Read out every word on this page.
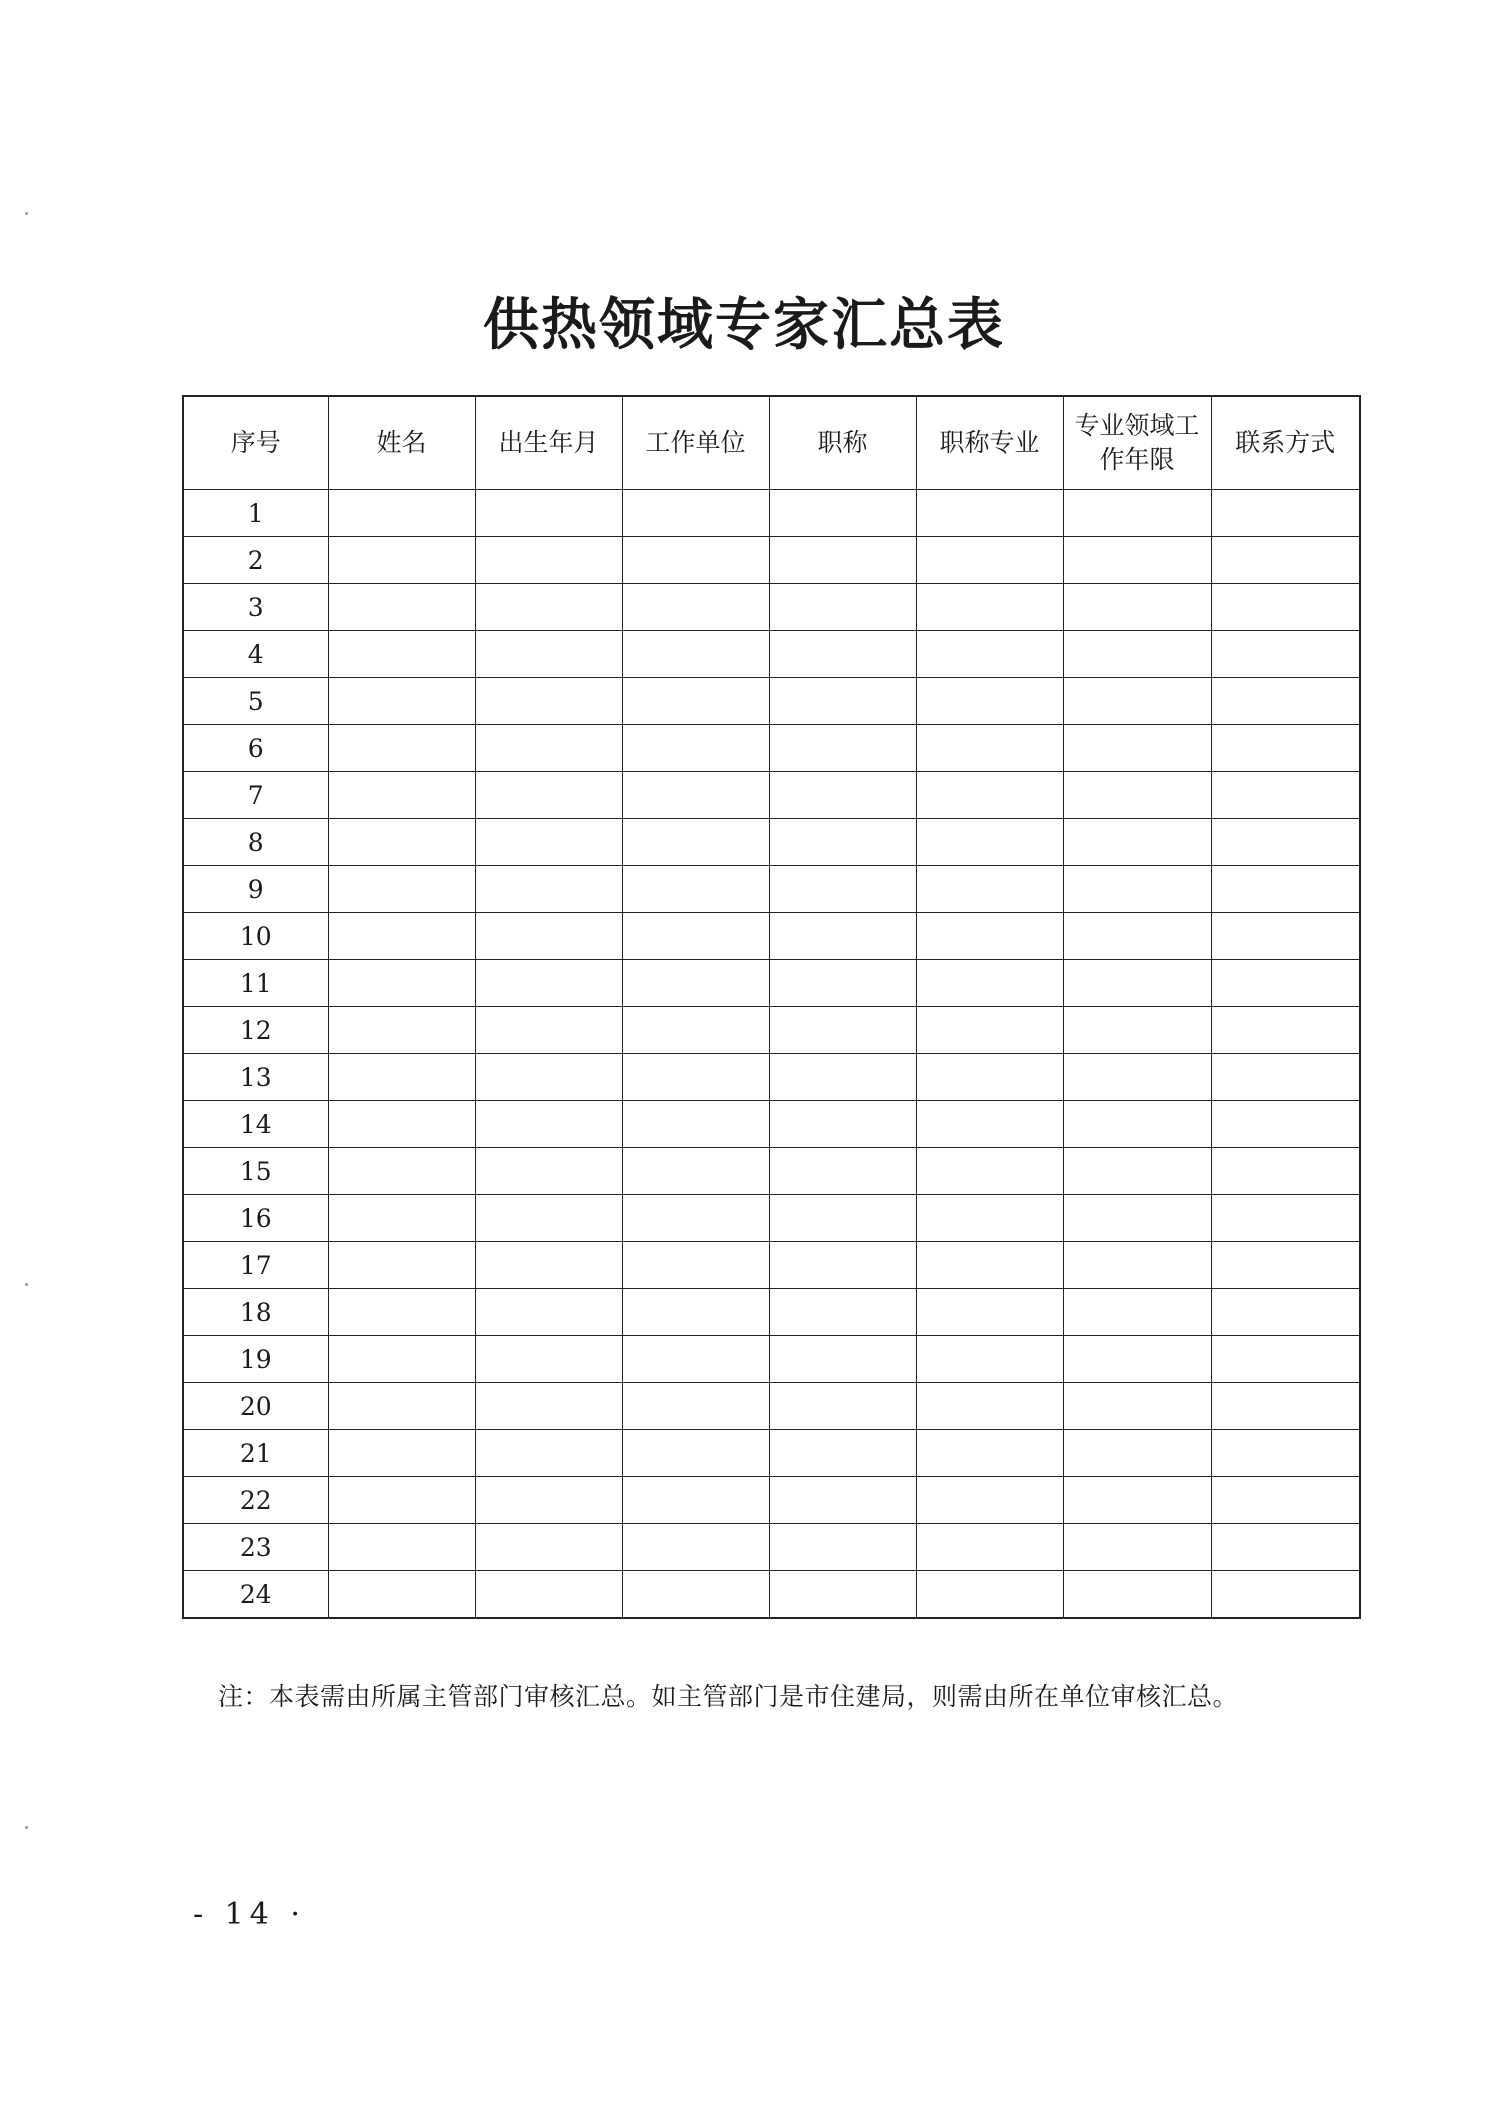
供热领域专家汇总表
序号	姓名	出生年月	工作单位	职称	职称专业	专业领域工作年限	联系方式
1							
2							
3							
4							
5							
6							
7							
8							
9							
10							
11							
12							
13							
14							
15							
16							
17							
18							
19							
20							
21							
22							
23							
24							
注：本表需由所属主管部门审核汇总。如主管部门是市住建局，则需由所在单位审核汇总。
- 14 ·
